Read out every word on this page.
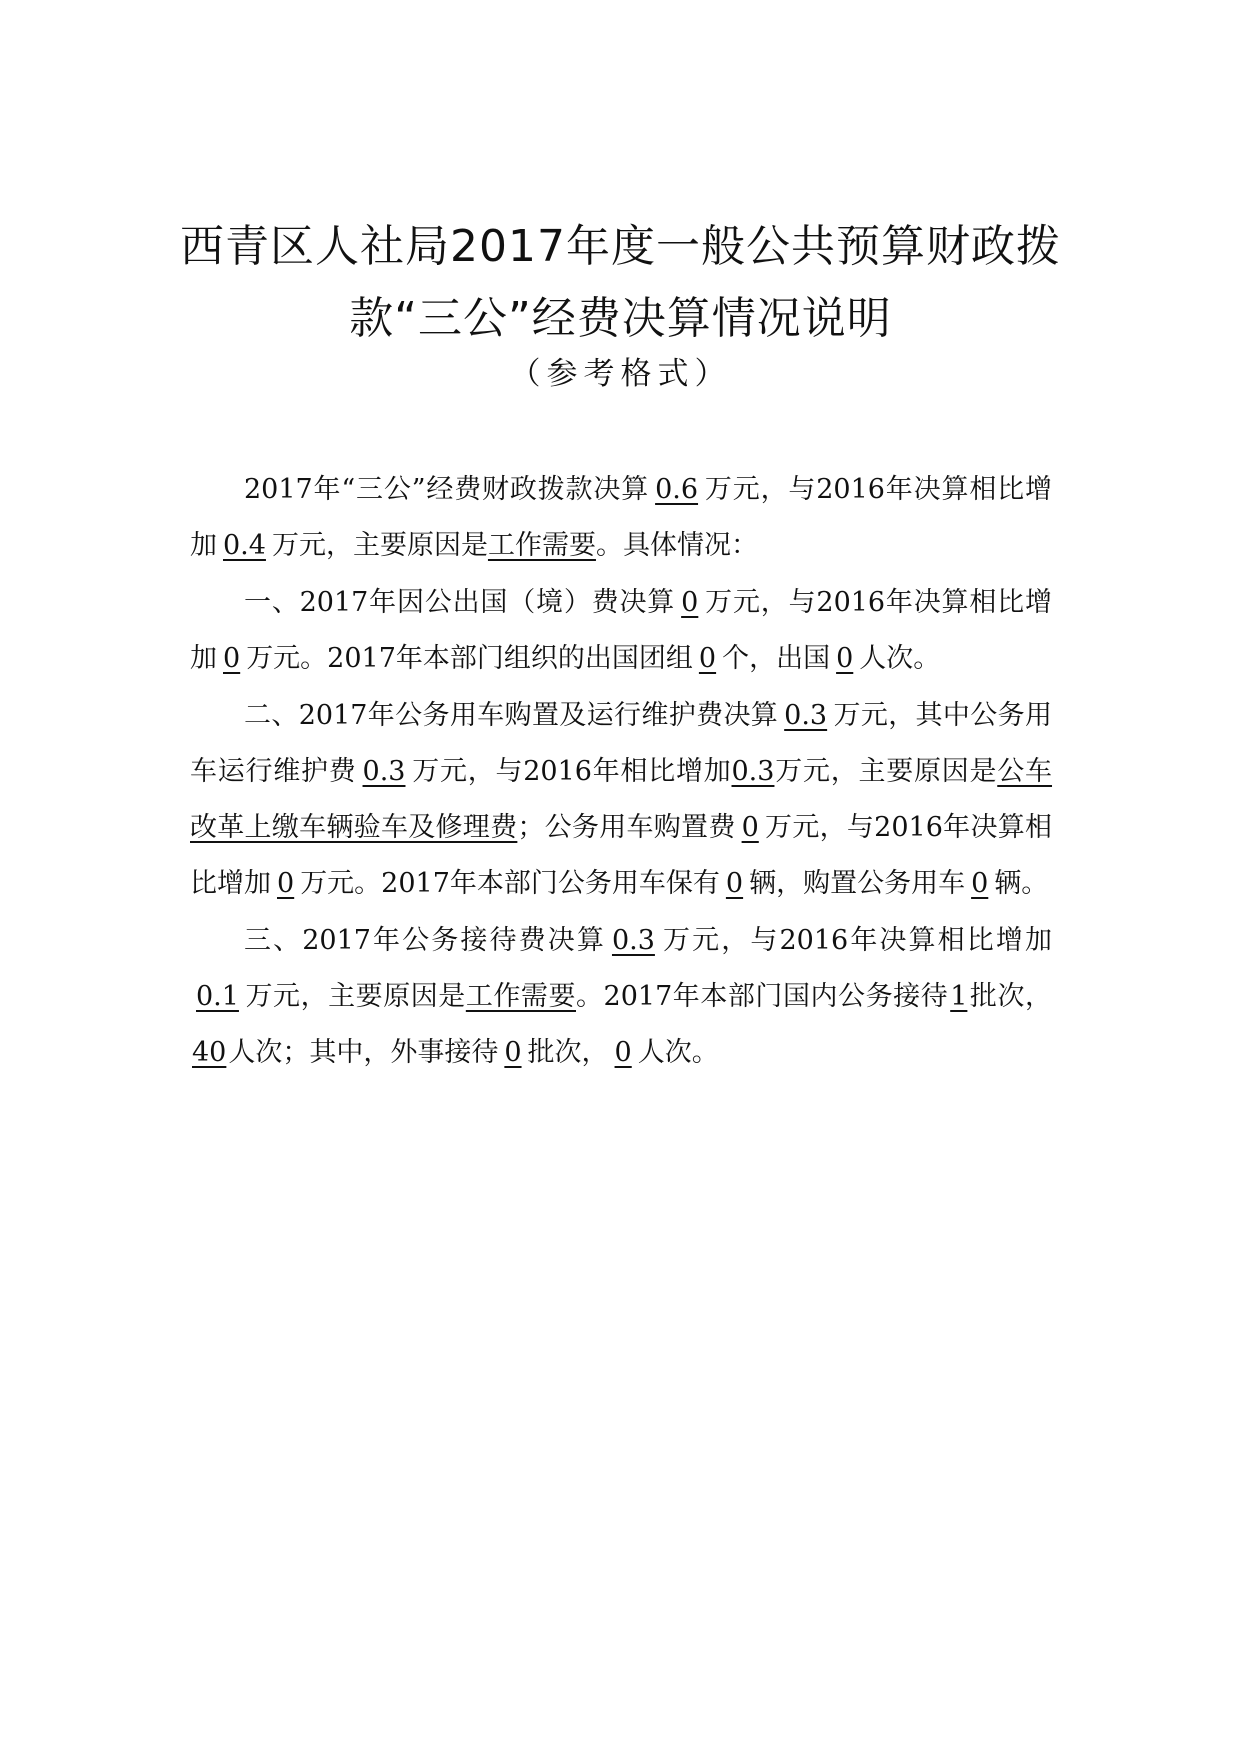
西青区人社局2017年度一般公共预算财政拨
款“三公”经费决算情况说明
（参考格式）

2017年“三公”经费财政拨款决算 0.6 万元，与2016年决算相比增加 0.4 万元，主要原因是工作需要。具体情况：

一、2017年因公出国（境）费决算 0 万元，与2016年决算相比增加 0 万元。2017年本部门组织的出国团组 0 个，出国 0 人次。

二、2017年公务用车购置及运行维护费决算 0.3 万元，其中公务用车运行维护费 0.3 万元，与2016年相比增加0.3万元，主要原因是公车改革上缴车辆验车及修理费；公务用车购置费 0 万元，与2016年决算相比增加 0 万元。2017年本部门公务用车保有 0 辆，购置公务用车 0 辆。

三、2017年公务接待费决算 0.3 万元，与2016年决算相比增加0.1 万元，主要原因是工作需要。2017年本部门国内公务接待1批次，40人次；其中，外事接待 0 批次， 0 人次。
